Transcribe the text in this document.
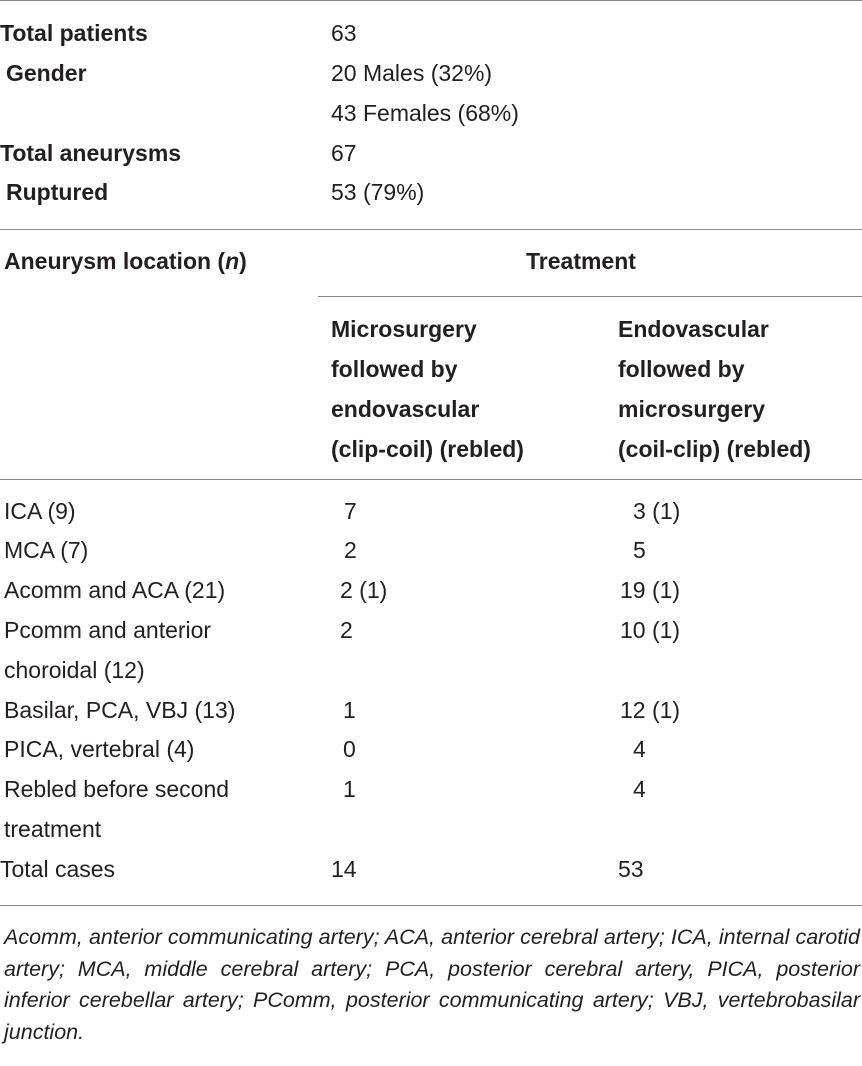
Total patients	63
Gender	20 Males (32%)
43 Females (68%)
Total aneurysms	67
Ruptured	53 (79%)
Aneurysm location (n)	Treatment
Microsurgery
followed by
endovascular
(clip-coil) (rebled)
Endovascular
followed by
microsurgery
(coil-clip) (rebled)
ICA (9)	7	3 (1)
MCA (7)	2	5
Acomm and ACA (21)	2 (1)	19 (1)
Pcomm and anterior
choroidal (12)
2	10 (1)
Basilar, PCA, VBJ (13)	1	12 (1)
PICA, vertebral (4)	0	4
Rebled before second
treatment
1	4
Total cases	14	53
Acomm, anterior communicating artery; ACA, anterior cerebral artery; ICA, internal carotid artery; MCA, middle cerebral artery; PCA, posterior cerebral artery, PICA, posterior inferior cerebellar artery; PComm, posterior communicating artery; VBJ, vertebrobasilar junction.
